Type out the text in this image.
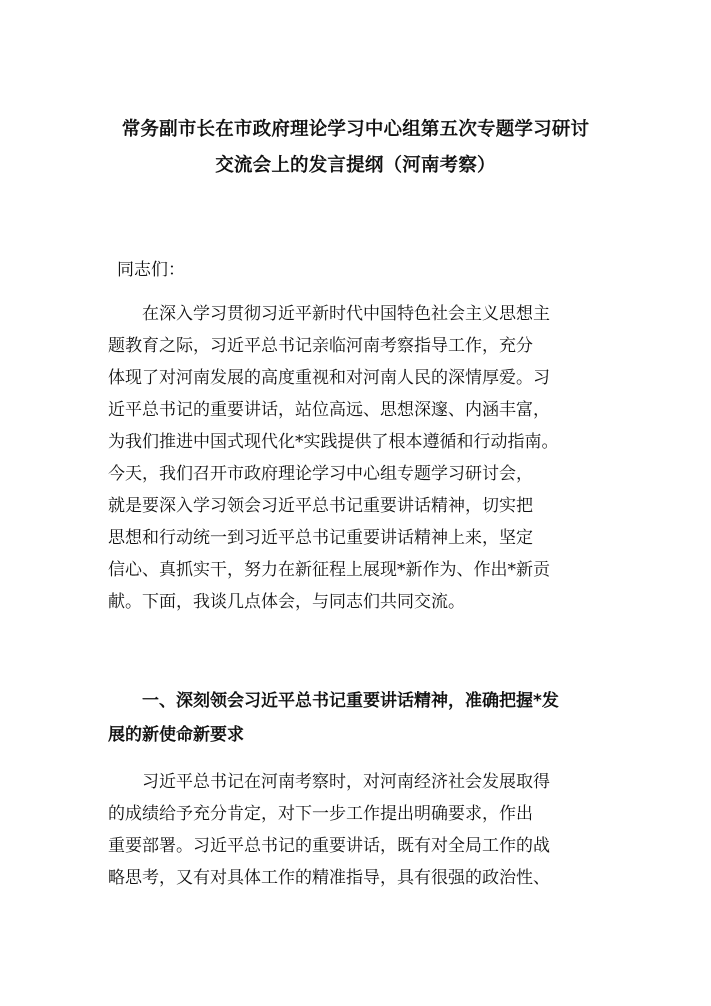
常务副市长在市政府理论学习中心组第五次专题学习研讨
交流会上的发言提纲（河南考察）
同志们：
在深入学习贯彻习近平新时代中国特色社会主义思想主
题教育之际，习近平总书记亲临河南考察指导工作，充分
体现了对河南发展的高度重视和对河南人民的深情厚爱。习
近平总书记的重要讲话，站位高远、思想深邃、内涵丰富，
为我们推进中国式现代化*实践提供了根本遵循和行动指南。
今天，我们召开市政府理论学习中心组专题学习研讨会，
就是要深入学习领会习近平总书记重要讲话精神，切实把
思想和行动统一到习近平总书记重要讲话精神上来，坚定
信心、真抓实干，努力在新征程上展现*新作为、作出*新贡
献。下面，我谈几点体会，与同志们共同交流。
一、深刻领会习近平总书记重要讲话精神，准确把握*发
展的新使命新要求
习近平总书记在河南考察时，对河南经济社会发展取得
的成绩给予充分肯定，对下一步工作提出明确要求，作出
重要部署。习近平总书记的重要讲话，既有对全局工作的战
略思考，又有对具体工作的精准指导，具有很强的政治性、
